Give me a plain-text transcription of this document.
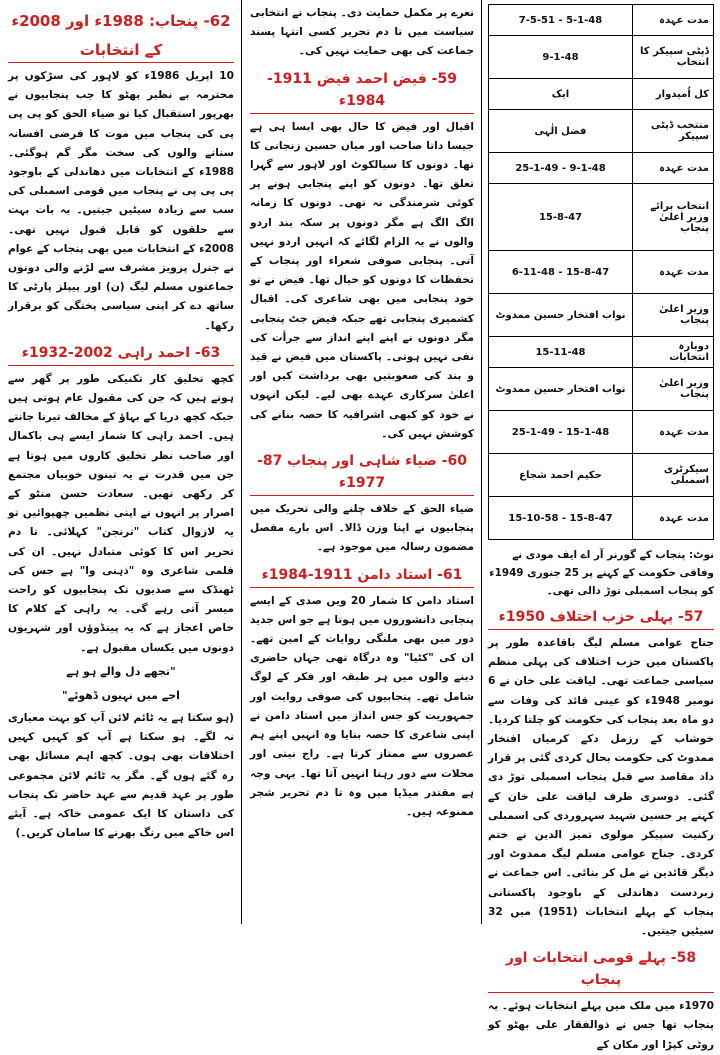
مدت عہدہ	5-1-48 - 7-5-51
ڈپٹی سپیکر کا انتخاب	9-1-48
کل اُمیدوار	ایک
منتخب ڈپٹی سپیکر	فضل الٰہی
مدت عہدہ	9-1-48 - 25-1-49
انتخاب برائے وزیر اعلیٰ پنجاب	15-8-47
مدت عہدہ	15-8-47 - 6-11-48
وزیر اعلیٰ پنجاب	نواب افتخار حسین ممدوٹ
دوبارہ انتخابات	15-11-48
وزیر اعلیٰ پنجاب	نواب افتخار حسین ممدوٹ
مدت عہدہ	15-1-48 - 25-1-49
سیکرٹری اسمبلی	حکیم احمد شجاع
مدت عہدہ	15-8-47 - 15-10-58

نوٹ: پنجاب کے گورنر آر اے ایف مودی نے وفاقی حکومت کے کہنے پر 25 جنوری 1949ء کو پنجاب اسمبلی توڑ دالی تھی۔

57- پہلی حزب اختلاف 1950ء

جناح عوامی مسلم لیگ باقاعدہ طور پر پاکستان میں حزب اختلاف کی پہلی منظم سیاسی جماعت تھی۔ لیاقت علی خان نے 6 نومبر 1948ء کو عینی قائد کی وفات سے دو ماہ بعد پنجاب کی حکومت کو چلتا کردیا۔ خوشاب کے رزمل دکے کرمیاں افتخار ممدوٹ کی حکومت بحال کردی گئی پر قرار داد مقاصد سے قبل پنجاب اسمبلی توڑ دی گئی۔ دوسری طرف لیاقت علی خان کے کہنے پر حسین شہید سہروردی کی اسمبلی رکنیت سپیکر مولوی تمیز الدین نے ختم کردی۔ جناح عوامی مسلم لیگ ممدوٹ اور دیگر قائدین نے مل کر بنائی۔ اس جماعت نے زبردست دھاندلی کے باوجود پاکستانی پنجاب کے پہلے انتخابات (1951) میں 32 سیٹیں جیتیں۔

58- پہلے قومی انتخابات اور پنجاب

1970ء میں ملک میں پہلے انتخابات ہوئے۔ یہ پنجاب تھا جس نے ذوالفقار علی بھٹو کو روٹی کپڑا اور مکان کے

نعرے پر مکمل حمایت دی۔ پنجاب نے انتخابی سیاست میں تا دم تحریر کسی انتہا پسند جماعت کی بھی حمایت نہیں کی۔

59- فیض احمد فیض 1911-1984ء

اقبال اور فیض کا حال بھی ایسا ہی ہے جیسا داتا صاحب اور میاں حسین زنجانی کا تھا۔ دونوں کا سیالکوٹ اور لاہور سے گہرا تعلق تھا۔ دونوں کو اپنے پنجابی ہونے پر کوئی شرمندگی نہ تھی۔ دونوں کا زمانہ الگ الگ ہے مگر دونوں پر سکہ بند اردو والوں نے یہ الزام لگائے کہ انہیں اردو نہیں آتی۔ پنجابی صوفی شعراء اور پنجاب کے تخفظات کا دونوں کو خیال تھا۔ فیض نے تو خود پنجابی میں بھی شاعری کی۔ اقبال کشمیری پنجابی تھے جبکہ فیض جٹ پنجابی مگر دونوں نے اپنے اپنے انداز سے جرأت کی نفی نہیں ہوتی۔ پاکستان میں فیض نے قید و بند کی صعوبتیں بھی برداشت کیں اور اعلیٰ سرکاری عہدے بھی لیے۔ لیکن انہوں نے خود کو کبھی اشرافیہ کا حصہ بنانے کی کوشش نہیں کی۔

60- ضیاء شاہی اور پنجاب 87-1977ء

ضیاء الحق کے خلاف چلنے والی تحریک میں پنجابیوں نے اپنا وزن ڈالا۔ اس بارے مفصل مضمون رسالہ میں موجود ہے۔

61- استاد دامن 1911-1984ء

استاد دامن کا شمار 20 ویں صدی کے ایسے پنجابی دانشوروں میں ہوتا ہے جو اس جدید دور میں بھی ملنگی روایات کے امین تھے۔ ان کی "کٹیا" وہ درگاہ تھی جہاں حاضری دینے والوں میں ہر طبقہ اور فکر کے لوگ شامل تھے۔ پنجابیوں کی صوفی روایت اور جمہوریت کو جس انداز میں استاد دامن نے اپنی شاعری کا حصہ بنایا وہ انہیں اپنے ہم عصروں سے ممتاز کرتا ہے۔ راج نیتی اور محلات سے دور رہنا انہیں آتا تھا۔ یہی وجہ ہے مقتدر میڈیا میں وہ تا دم تحریر شجر ممنوعہ ہیں۔

62- پنجاب: 1988ء اور 2008ء
کے انتخابات

10 اپریل 1986ء کو لاہور کی سڑکوں پر محترمہ بے نظیر بھٹو کا جب پنجابیوں نے بھرپور استقبال کیا تو ضیاء الحق کو پی پی پی کی پنجاب میں موت کا فرضی افسانہ سنانے والوں کی سخت مگر گم ہوگئی۔ 1988ء کے انتخابات میں دھاندلی کے باوجود پی پی پی نے پنجاب میں قومی اسمبلی کی سب سے زیادہ سیٹیں جیتیں۔ یہ بات بہت سے حلقوں کو قابل قبول نہیں تھی۔ 2008ء کے انتخابات میں بھی پنجاب کے عوام نے جنرل پرویز مشرف سے لڑنے والی دونوں جماعتوں مسلم لیگ (ن) اور پیپلز پارٹی کا ساتھ دے کر اپنی سیاسی پختگی کو برقرار رکھا۔

63- احمد راہی 2002-1932ء

کچھ تخلیق کار تکنیکی طور پر گھر سے ہوتے ہیں کہ جن کی مقبول عام ہوتی ہیں جبکہ کچھ دریا کے بہاؤ کے مخالف تیرنا جانتے ہیں۔ احمد راہی کا شمار ایسے ہی باکمال اور صاحب نظر تخلیق کاروں میں ہوتا ہے جن میں قدرت نے یہ تینوں خوبیاں مجتمع کر رکھی تھیں۔ سعادت حسن منٹو کے اصرار پر انہوں نے اپنی نظمیں چھپوائیں تو یہ لازوال کتاب "ترنجن" کہلائی۔ تا دم تحریر اس کا کوئی متبادل نہیں۔ ان کی فلمی شاعری وہ "ذہنی وا" ہے جس کی ٹھنڈک سے صدیوں تک پنجابیوں کو راحت میسر آتی رہے گی۔ یہ راہی کے کلام کا خاص اعجاز ہے کہ یہ پینڈوؤں اور شہریوں دونوں میں یکساں مقبول ہے۔

"تجھے دل والے ہو ہے

اجے میں نہیوں ڈھوئے"

(ہو سکتا ہے یہ ٹائم لائن آپ کو بہت معیاری نہ لگے۔ ہو سکتا ہے آپ کو کہیں کہیں اختلافات بھی ہوں۔ کچھ اہم مسائل بھی رہ گئے ہوں گے۔ مگر یہ ٹائم لائن مجموعی طور پر عہد قدیم سے عہد حاضر تک پنجاب کی داستان کا ایک عمومی خاکہ ہے۔ آیئے اس خاکے میں رنگ بھرنے کا سامان کریں۔)
